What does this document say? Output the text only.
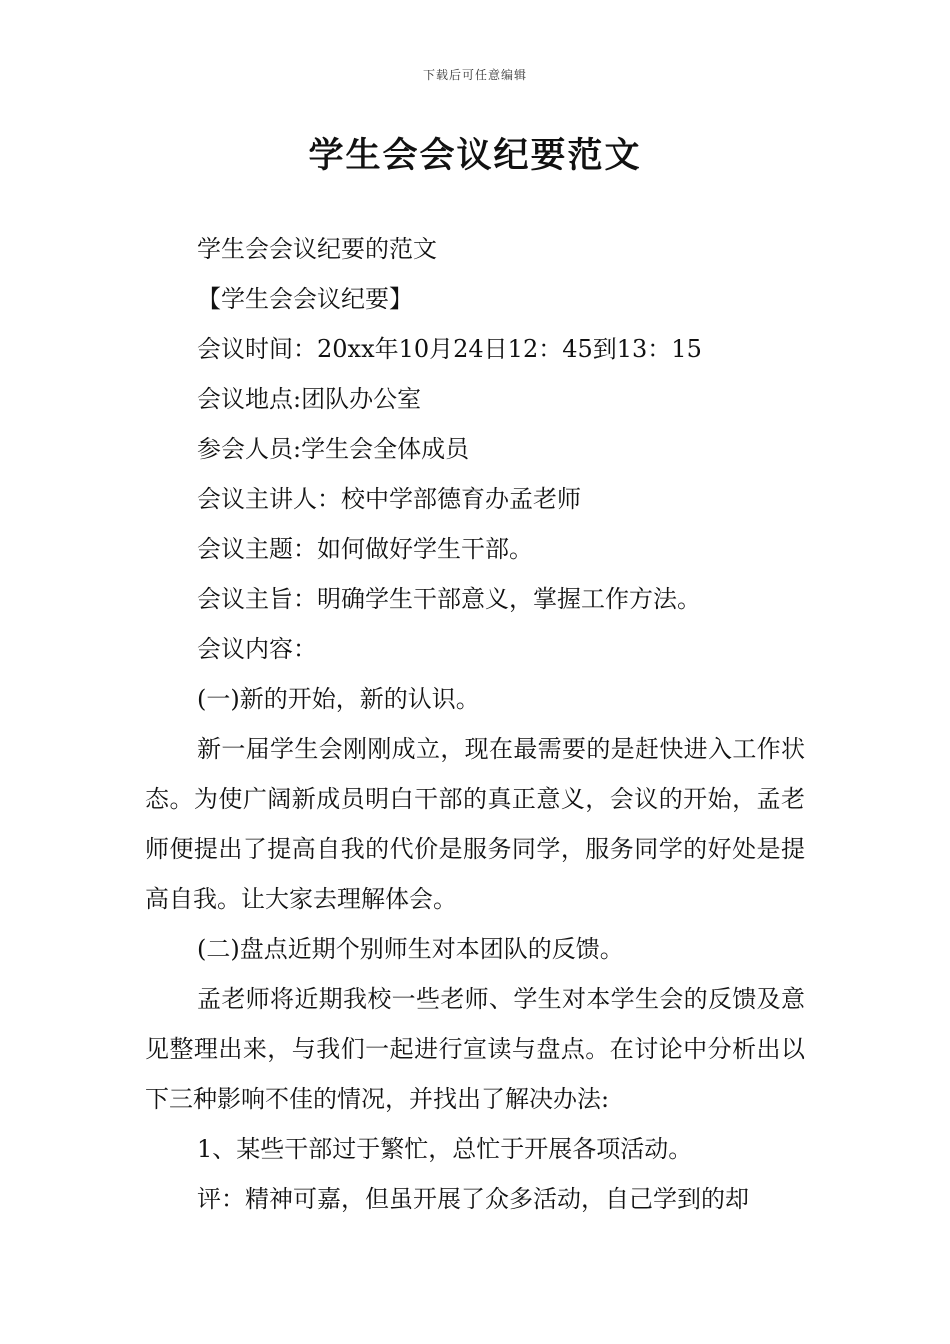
下载后可任意编辑
学生会会议纪要范文

学生会会议纪要的范文

【学生会会议纪要】

会议时间：20xx年10月24日12：45到13：15

会议地点:团队办公室

参会人员:学生会全体成员

会议主讲人：校中学部德育办孟老师

会议主题：如何做好学生干部。

会议主旨：明确学生干部意义，掌握工作方法。

会议内容：

(一)新的开始，新的认识。

新一届学生会刚刚成立，现在最需要的是赶快进入工作状态。为使广阔新成员明白干部的真正意义，会议的开始，孟老师便提出了提高自我的代价是服务同学，服务同学的好处是提高自我。让大家去理解体会。

(二)盘点近期个别师生对本团队的反馈。

孟老师将近期我校一些老师、学生对本学生会的反馈及意见整理出来，与我们一起进行宣读与盘点。在讨论中分析出以下三种影响不佳的情况，并找出了解决办法:

1、某些干部过于繁忙，总忙于开展各项活动。

评：精神可嘉，但虽开展了众多活动，自己学到的却
